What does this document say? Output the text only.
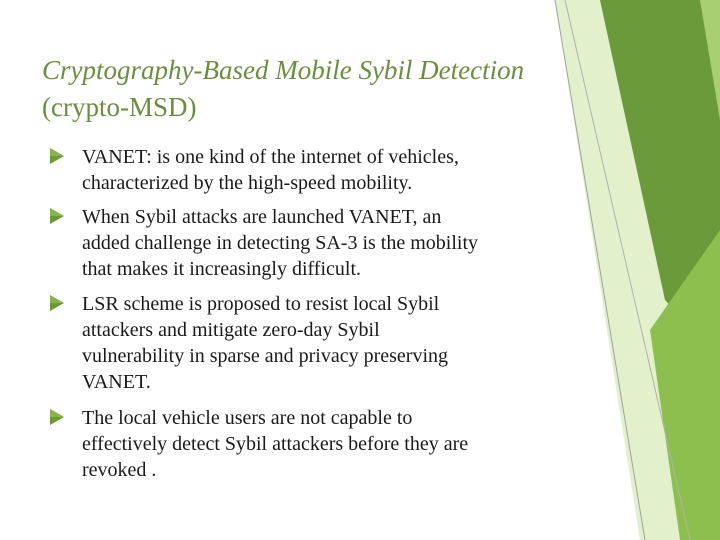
Cryptography-Based Mobile Sybil Detection
(crypto-MSD)
VANET: is one kind of the internet of vehicles,
characterized by the high-speed mobility.
When Sybil attacks are launched VANET, an
added challenge in detecting SA-3 is the mobility
that makes it increasingly difficult.
LSR scheme is proposed to resist local Sybil
attackers and mitigate zero-day Sybil
vulnerability in sparse and privacy preserving
VANET.
The local vehicle users are not capable to
effectively detect Sybil attackers before they are
revoked .
